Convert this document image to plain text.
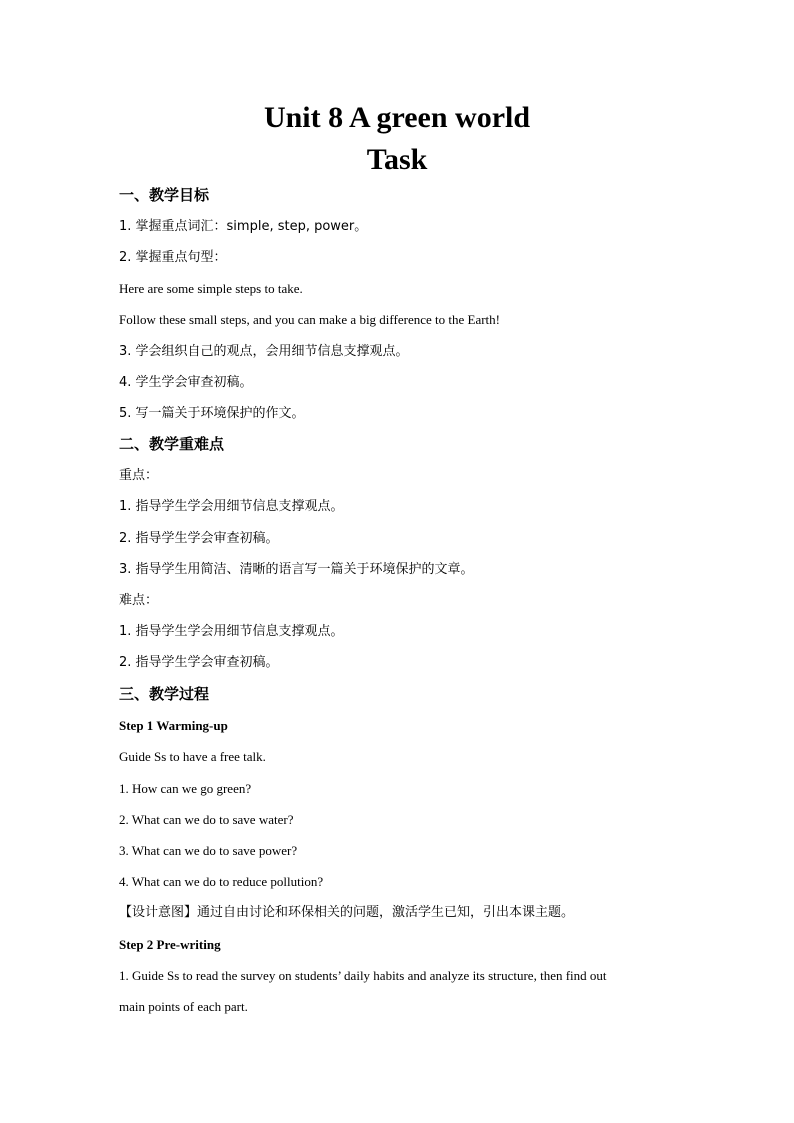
Unit 8 A green world
Task
一、教学目标
1. 掌握重点词汇：simple, step, power。
2. 掌握重点句型：
Here are some simple steps to take.
Follow these small steps, and you can make a big difference to the Earth!
3. 学会组织自己的观点，会用细节信息支撑观点。
4. 学生学会审查初稿。
5. 写一篇关于环境保护的作文。
二、教学重难点
重点：
1. 指导学生学会用细节信息支撑观点。
2. 指导学生学会审查初稿。
3. 指导学生用简洁、清晰的语言写一篇关于环境保护的文章。
难点：
1. 指导学生学会用细节信息支撑观点。
2. 指导学生学会审查初稿。
三、教学过程
Step 1 Warming-up
Guide Ss to have a free talk.
1. How can we go green?
2. What can we do to save water?
3. What can we do to save power?
4. What can we do to reduce pollution?
【设计意图】通过自由讨论和环保相关的问题，激活学生已知，引出本课主题。
Step 2 Pre-writing
1. Guide Ss to read the survey on students’ daily habits and analyze its structure, then find out
main points of each part.
